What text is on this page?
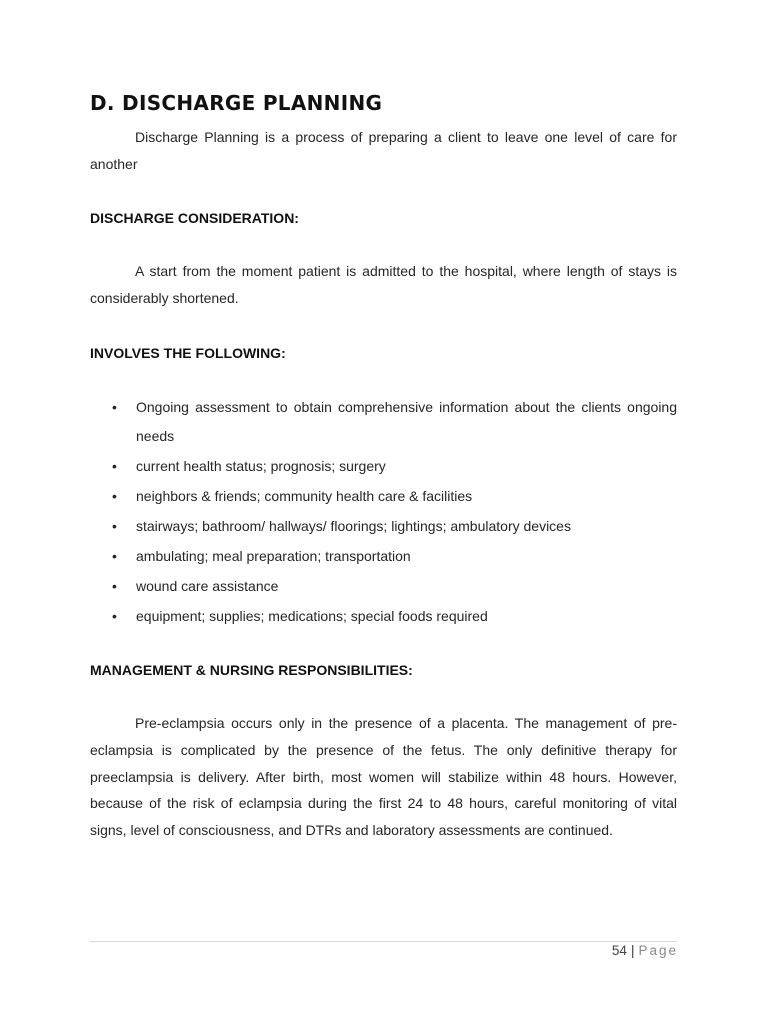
D. DISCHARGE PLANNING

Discharge Planning is a process of preparing a client to leave one level of care for another

DISCHARGE CONSIDERATION:

A start from the moment patient is admitted to the hospital, where length of stays is considerably shortened.

INVOLVES THE FOLLOWING:
• Ongoing assessment to obtain comprehensive information about the clients ongoing needs
• current health status; prognosis; surgery
• neighbors & friends; community health care & facilities
• stairways; bathroom/ hallways/ floorings; lightings; ambulatory devices
• ambulating; meal preparation; transportation
• wound care assistance
• equipment; supplies; medications; special foods required
MANAGEMENT & NURSING RESPONSIBILITIES:

Pre-eclampsia occurs only in the presence of a placenta. The management of pre-eclampsia is complicated by the presence of the fetus. The only definitive therapy for preeclampsia is delivery. After birth, most women will stabilize within 48 hours. However, because of the risk of eclampsia during the first 24 to 48 hours, careful monitoring of vital signs, level of consciousness, and DTRs and laboratory assessments are continued.

54 | Page
